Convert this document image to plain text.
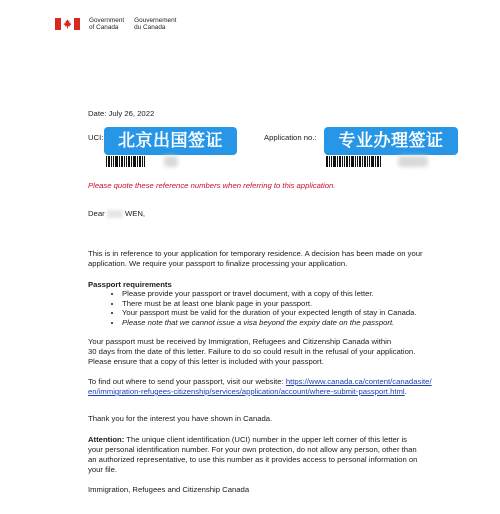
Government
of Canada
Gouvernement
du Canada
Date: July 26, 2022
UCI: 北京出国签证	Application no.:	专业办理签证
Please quote these reference numbers when referring to this application.
Dear	WEN,
This is in reference to your application for temporary residence. A decision has been made on your application. We require your passport to finalize processing your application.
Passport requirements
• Please provide your passport or travel document, with a copy of this letter.
• There must be at least one blank page in your passport.
• Your passport must be valid for the duration of your expected length of stay in Canada.
• Please note that we cannot issue a visa beyond the expiry date on the passport.
Your passport must be received by Immigration, Refugees and Citizenship Canada within
30 days from the date of this letter. Failure to do so could result in the refusal of your application.
Please ensure that a copy of this letter is included with your passport.
To find out where to send your passport, visit our website: https://www.canada.ca/content/canadasite/
en/immigration-refugees-citizenship/services/application/account/where-submit-passport.html.
Thank you for the interest you have shown in Canada.
Attention: The unique client identification (UCI) number in the upper left corner of this letter is
your personal identification number. For your own protection, do not allow any person, other than
an authorized representative, to use this number as it provides access to personal information on
your file.
Immigration, Refugees and Citizenship Canada
